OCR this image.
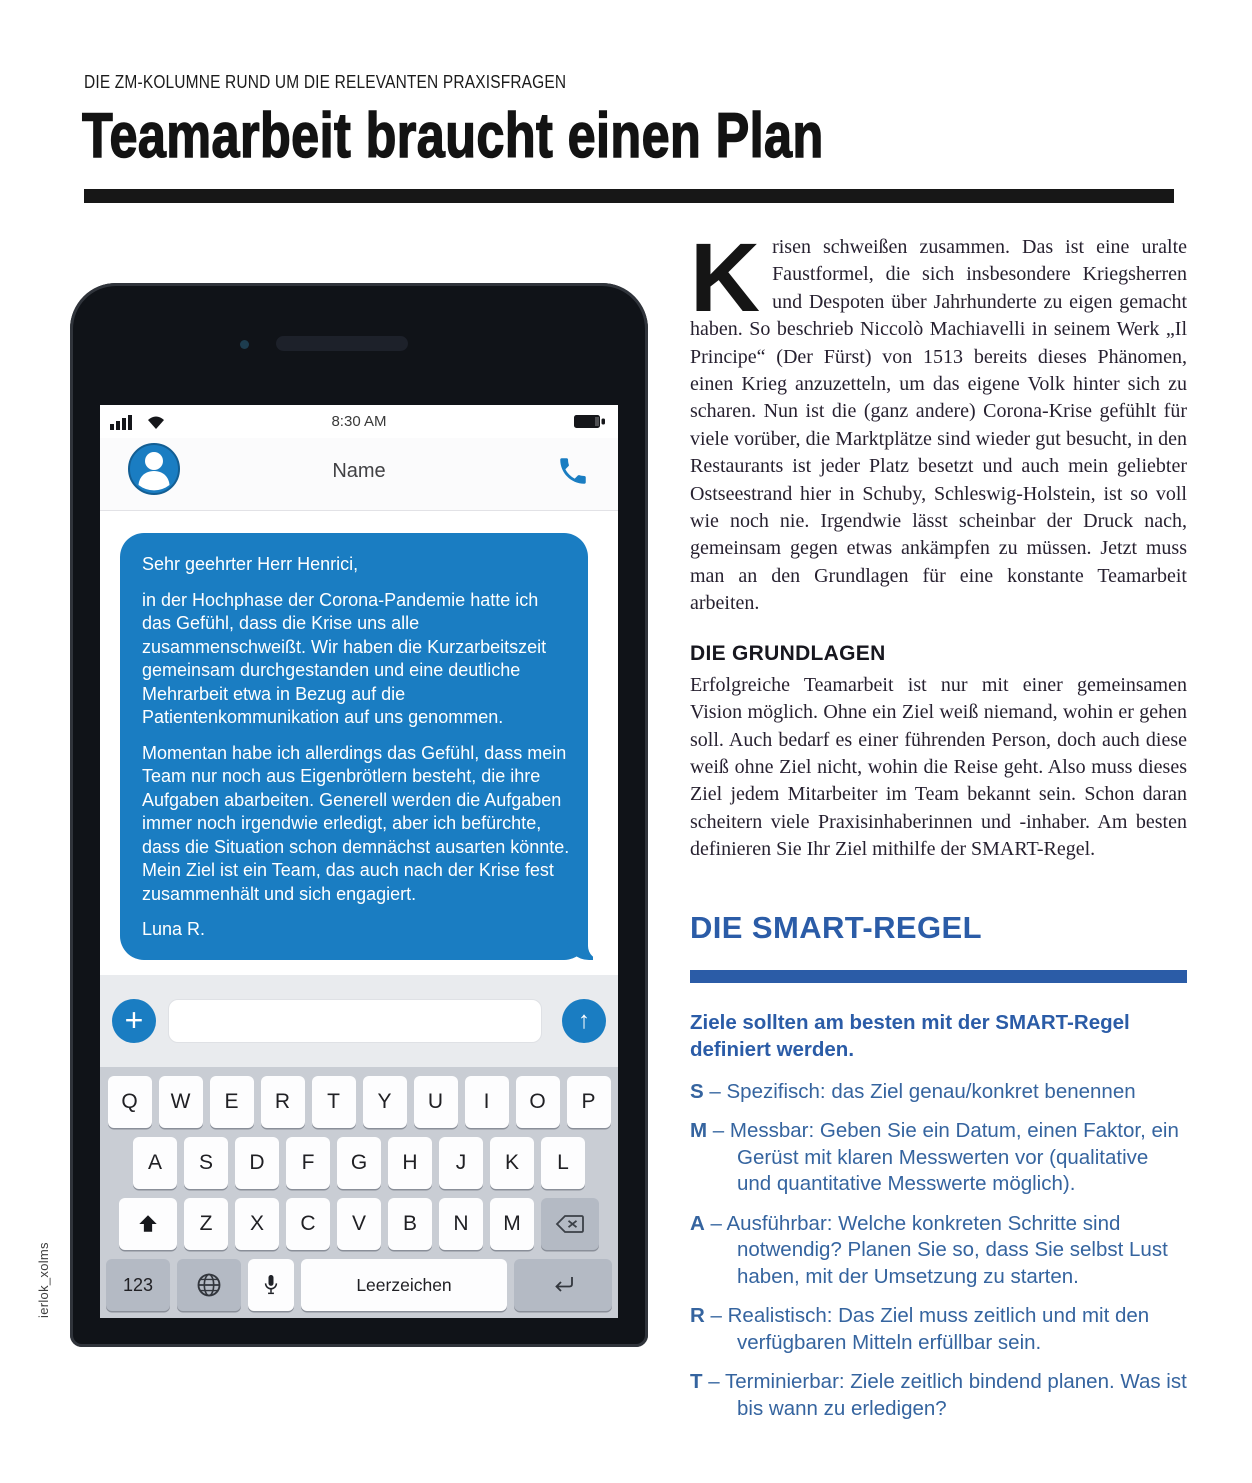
DIE ZM-KOLUMNE RUND UM DIE RELEVANTEN PRAXISFRAGEN
Teamarbeit braucht einen Plan
ierlok_xolms
8:30 AM
Name

Sehr geehrter Herr Henrici,

in der Hochphase der Corona-Pandemie hatte ich das Gefühl, dass die Krise uns alle zusammenschweißt. Wir haben die Kurzarbeitszeit gemeinsam durchgestanden und eine deutliche Mehrarbeit etwa in Bezug auf die Patientenkommunikation auf uns genommen.

Momentan habe ich allerdings das Gefühl, dass mein Team nur noch aus Eigenbrötlern besteht, die ihre Aufgaben abarbeiten. Generell werden die Aufgaben immer noch irgendwie erledigt, aber ich befürchte, dass die Situation schon demnächst ausarten könnte. Mein Ziel ist ein Team, das auch nach der Krise fest zusammenhält und sich engagiert.

Luna R.

+	↑
Q	W	E	R	T	Y	U	I	O	P
A	S	D	F	G	H	J	K	L
Z	X	C	V	B	N	M
123	Leerzeichen

Krisen schweißen zusammen. Das ist eine uralte Faustformel, die sich insbesondere Kriegsherren und Despoten über Jahrhunderte zu eigen gemacht haben. So beschrieb Niccolò Machiavelli in seinem Werk „Il Principe“ (Der Fürst) von 1513 bereits dieses Phänomen, einen Krieg anzuzetteln, um das eigene Volk hinter sich zu scharen. Nun ist die (ganz andere) Corona-Krise gefühlt für viele vorüber, die Marktplätze sind wieder gut besucht, in den Restaurants ist jeder Platz besetzt und auch mein geliebter Ostseestrand hier in Schuby, Schleswig-Holstein, ist so voll wie noch nie. Irgendwie lässt scheinbar der Druck nach, gemeinsam gegen etwas ankämpfen zu müssen. Jetzt muss man an den Grundlagen für eine konstante Teamarbeit arbeiten.

DIE GRUNDLAGEN

Erfolgreiche Teamarbeit ist nur mit einer gemeinsamen Vision möglich. Ohne ein Ziel weiß niemand, wohin er gehen soll. Auch bedarf es einer führenden Person, doch auch diese weiß ohne Ziel nicht, wohin die Reise geht. Also muss dieses Ziel jedem Mitarbeiter im Team bekannt sein. Schon daran scheitern viele Praxisinhaberinnen und -inhaber. Am besten definieren Sie Ihr Ziel mithilfe der SMART-Regel.

DIE SMART-REGEL

Ziele sollten am besten mit der SMART-Regel definiert werden.

S – Spezifisch: das Ziel genau/konkret benennen
M – Messbar: Geben Sie ein Datum, einen Faktor, ein Gerüst mit klaren Messwerten vor (qualitative und quantitative Messwerte möglich).
A – Ausführbar: Welche konkreten Schritte sind notwendig? Planen Sie so, dass Sie selbst Lust haben, mit der Umsetzung zu starten.
R – Realistisch: Das Ziel muss zeitlich und mit den verfügbaren Mitteln erfüllbar sein.
T – Terminierbar: Ziele zeitlich bindend planen. Was ist bis wann zu erledigen?
